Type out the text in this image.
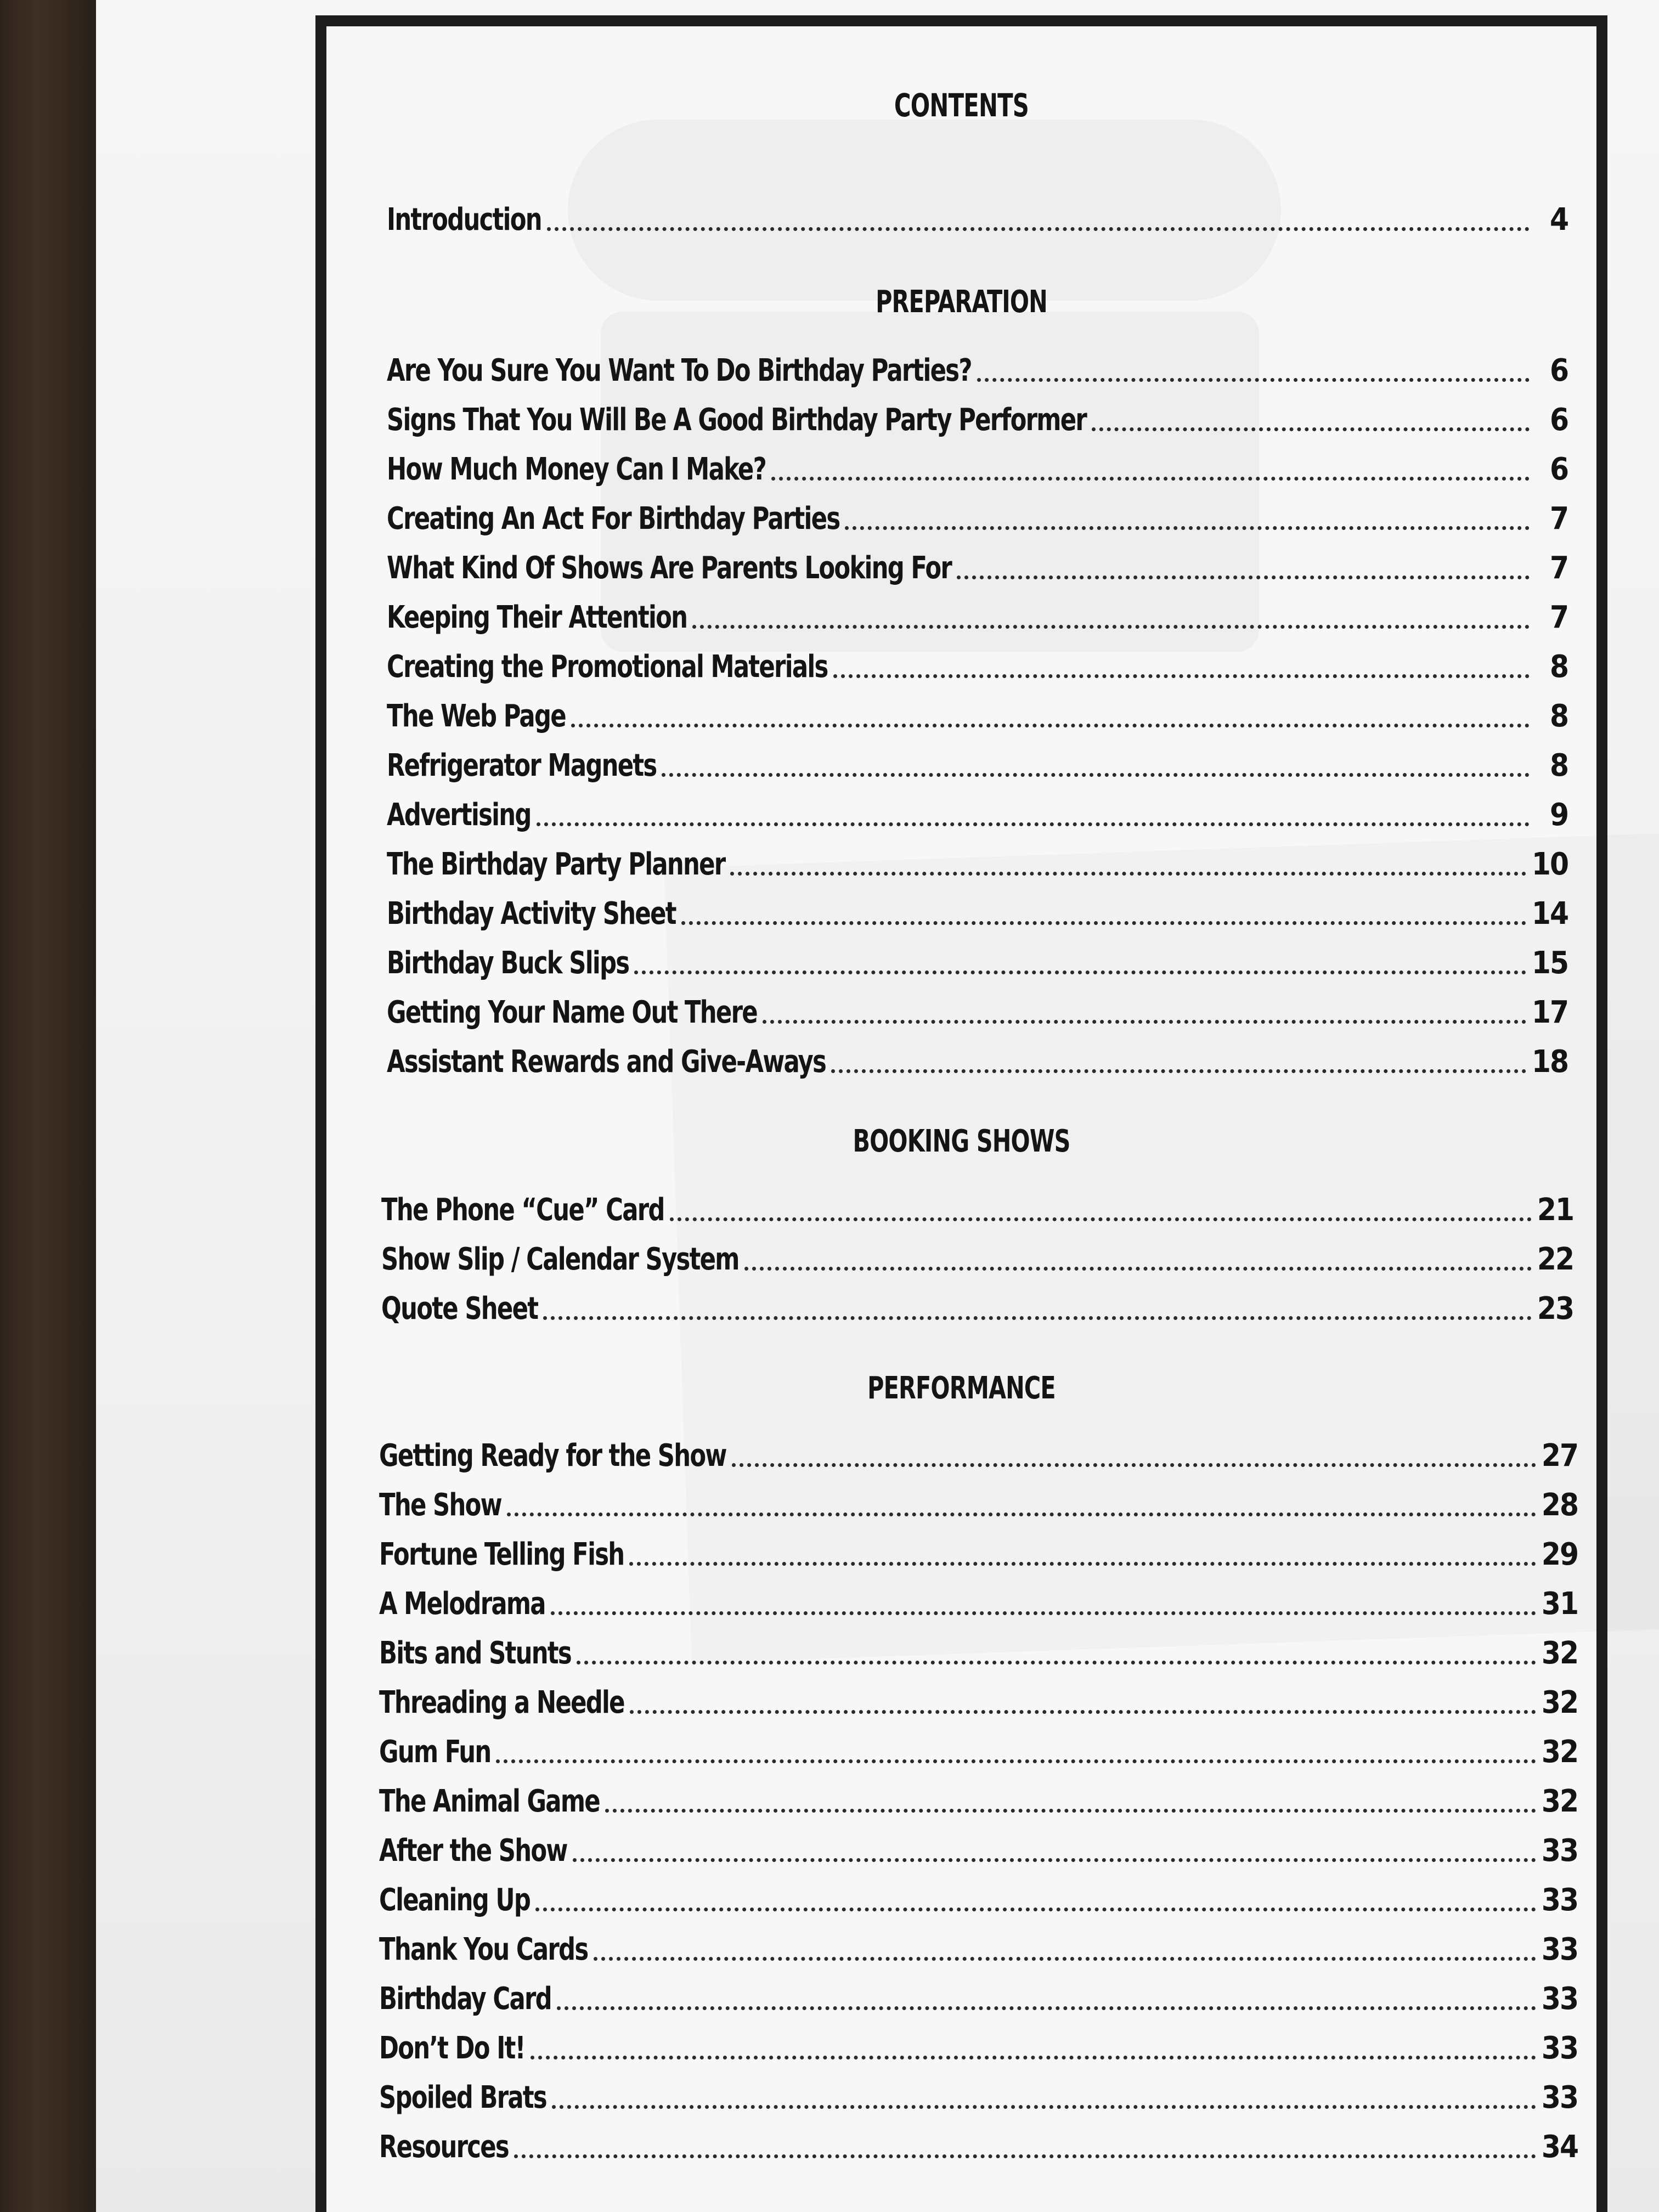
CONTENTS
Introduction	4
PREPARATION
Are You Sure You Want To Do Birthday Parties?	6
Signs That You Will Be A Good Birthday Party Performer	6
How Much Money Can I Make?	6
Creating An Act For Birthday Parties	7
What Kind Of Shows Are Parents Looking For	7
Keeping Their Attention	7
Creating the Promotional Materials	8
The Web Page	8
Refrigerator Magnets	8
Advertising	9
The Birthday Party Planner	10
Birthday Activity Sheet	14
Birthday Buck Slips	15
Getting Your Name Out There	17
Assistant Rewards and Give-Aways	18
BOOKING SHOWS
The Phone “Cue” Card	21
Show Slip / Calendar System	22
Quote Sheet	23
PERFORMANCE
Getting Ready for the Show	27
The Show	28
Fortune Telling Fish	29
A Melodrama	31
Bits and Stunts	32
Threading a Needle	32
Gum Fun	32
The Animal Game	32
After the Show	33
Cleaning Up	33
Thank You Cards	33
Birthday Card	33
Don’t Do It!	33
Spoiled Brats	33
Resources	34
